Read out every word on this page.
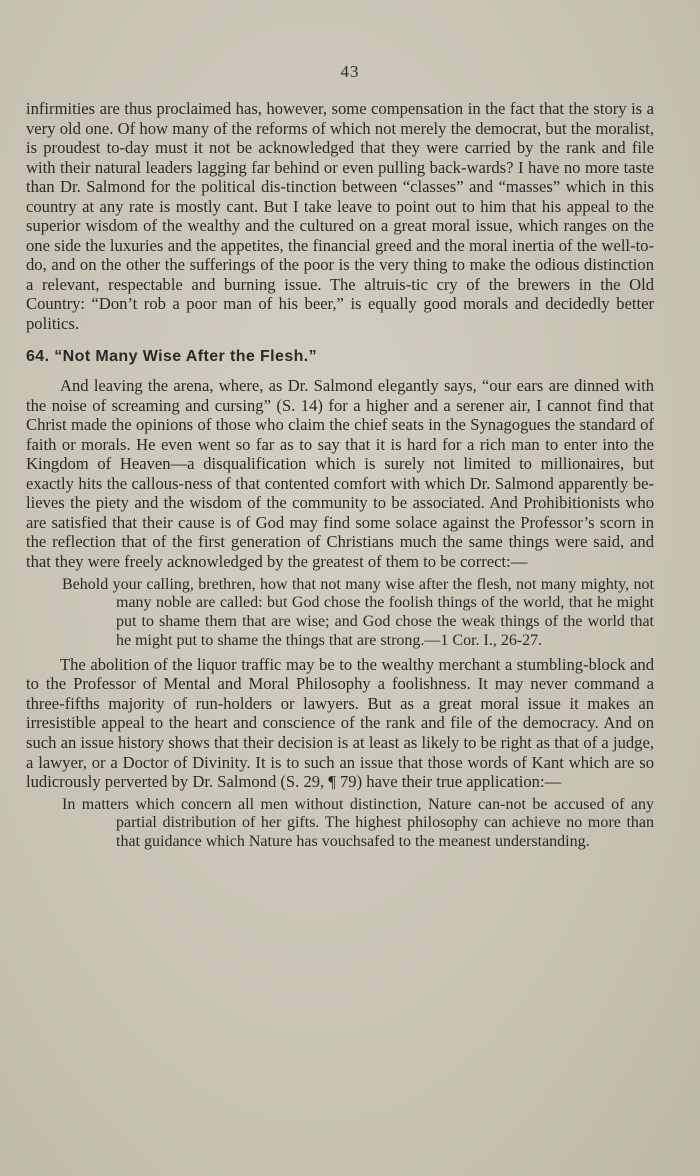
43

infirmities are thus proclaimed has, however, some compensation in the fact that the story is a very old one. Of how many of the reforms of which not merely the democrat, but the moralist, is proudest to-day must it not be acknowledged that they were carried by the rank and file with their natural leaders lagging far behind or even pulling back-wards? I have no more taste than Dr. Salmond for the political dis-tinction between “classes” and “masses” which in this country at any rate is mostly cant. But I take leave to point out to him that his appeal to the superior wisdom of the wealthy and the cultured on a great moral issue, which ranges on the one side the luxuries and the appetites, the financial greed and the moral inertia of the well-to-do, and on the other the sufferings of the poor is the very thing to make the odious distinction a relevant, respectable and burning issue. The altruis-tic cry of the brewers in the Old Country: “Don’t rob a poor man of his beer,” is equally good morals and decidedly better politics.

64. “Not Many Wise After the Flesh.”

And leaving the arena, where, as Dr. Salmond elegantly says, “our ears are dinned with the noise of screaming and cursing” (S. 14) for a higher and a serener air, I cannot find that Christ made the opinions of those who claim the chief seats in the Synagogues the standard of faith or morals. He even went so far as to say that it is hard for a rich man to enter into the Kingdom of Heaven—a disqualification which is surely not limited to millionaires, but exactly hits the callous-ness of that contented comfort with which Dr. Salmond apparently be-lieves the piety and the wisdom of the community to be associated. And Prohibitionists who are satisfied that their cause is of God may find some solace against the Professor’s scorn in the reflection that of the first generation of Christians much the same things were said, and that they were freely acknowledged by the greatest of them to be correct:—

Behold your calling, brethren, how that not many wise after the flesh, not many mighty, not many noble are called: but God chose the foolish things of the world, that he might put to shame them that are wise; and God chose the weak things of the world that he might put to shame the things that are strong.—1 Cor. I., 26-27.

The abolition of the liquor traffic may be to the wealthy merchant a stumbling-block and to the Professor of Mental and Moral Philosophy a foolishness. It may never command a three-fifths majority of run-holders or lawyers. But as a great moral issue it makes an irresistible appeal to the heart and conscience of the rank and file of the democracy. And on such an issue history shows that their decision is at least as likely to be right as that of a judge, a lawyer, or a Doctor of Divinity. It is to such an issue that those words of Kant which are so ludicrously perverted by Dr. Salmond (S. 29, ¶ 79) have their true application:—

In matters which concern all men without distinction, Nature can-not be accused of any partial distribution of her gifts. The highest philosophy can achieve no more than that guidance which Nature has vouchsafed to the meanest understanding.
